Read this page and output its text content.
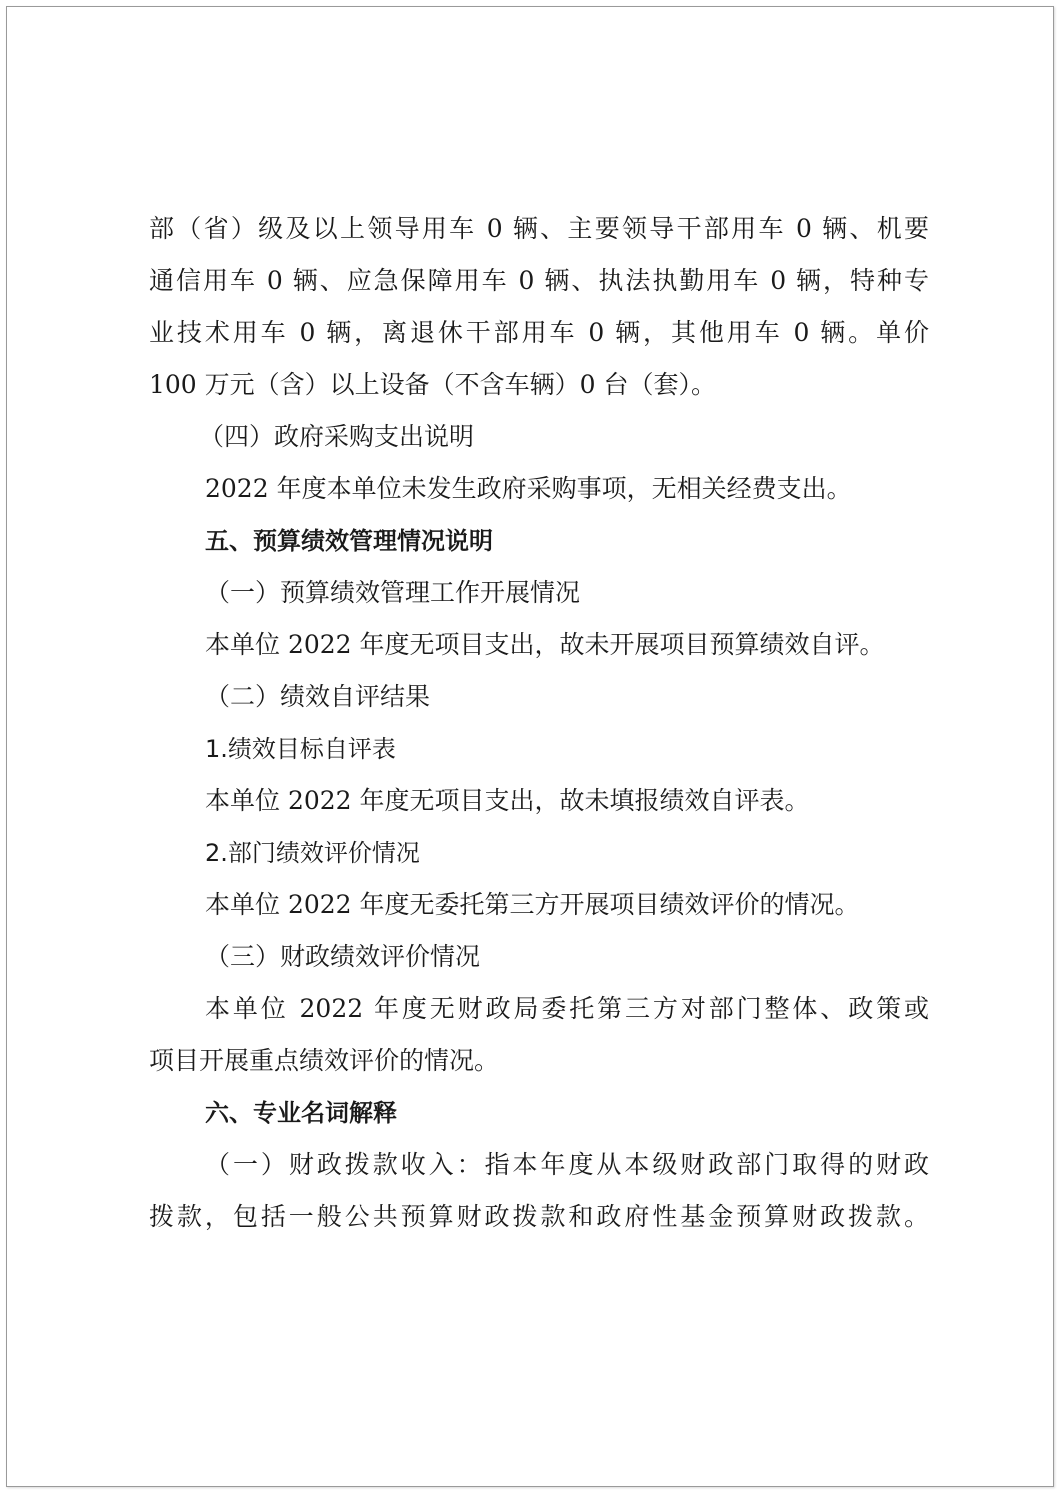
部（省）级及以上领导用车 0 辆、主要领导干部用车 0 辆、机要
通信用车 0 辆、应急保障用车 0 辆、执法执勤用车 0 辆，特种专
业技术用车 0 辆，离退休干部用车 0 辆，其他用车 0 辆。单价
100 万元（含）以上设备（不含车辆）0 台（套）。
（四）政府采购支出说明
2022 年度本单位未发生政府采购事项，无相关经费支出。
五、预算绩效管理情况说明
（一）预算绩效管理工作开展情况
本单位 2022 年度无项目支出，故未开展项目预算绩效自评。
（二）绩效自评结果
1.绩效目标自评表
本单位 2022 年度无项目支出，故未填报绩效自评表。
2.部门绩效评价情况
本单位 2022 年度无委托第三方开展项目绩效评价的情况。
（三）财政绩效评价情况
本单位 2022 年度无财政局委托第三方对部门整体、政策或
项目开展重点绩效评价的情况。
六、专业名词解释
（一）财政拨款收入：指本年度从本级财政部门取得的财政
拨款，包括一般公共预算财政拨款和政府性基金预算财政拨款。
